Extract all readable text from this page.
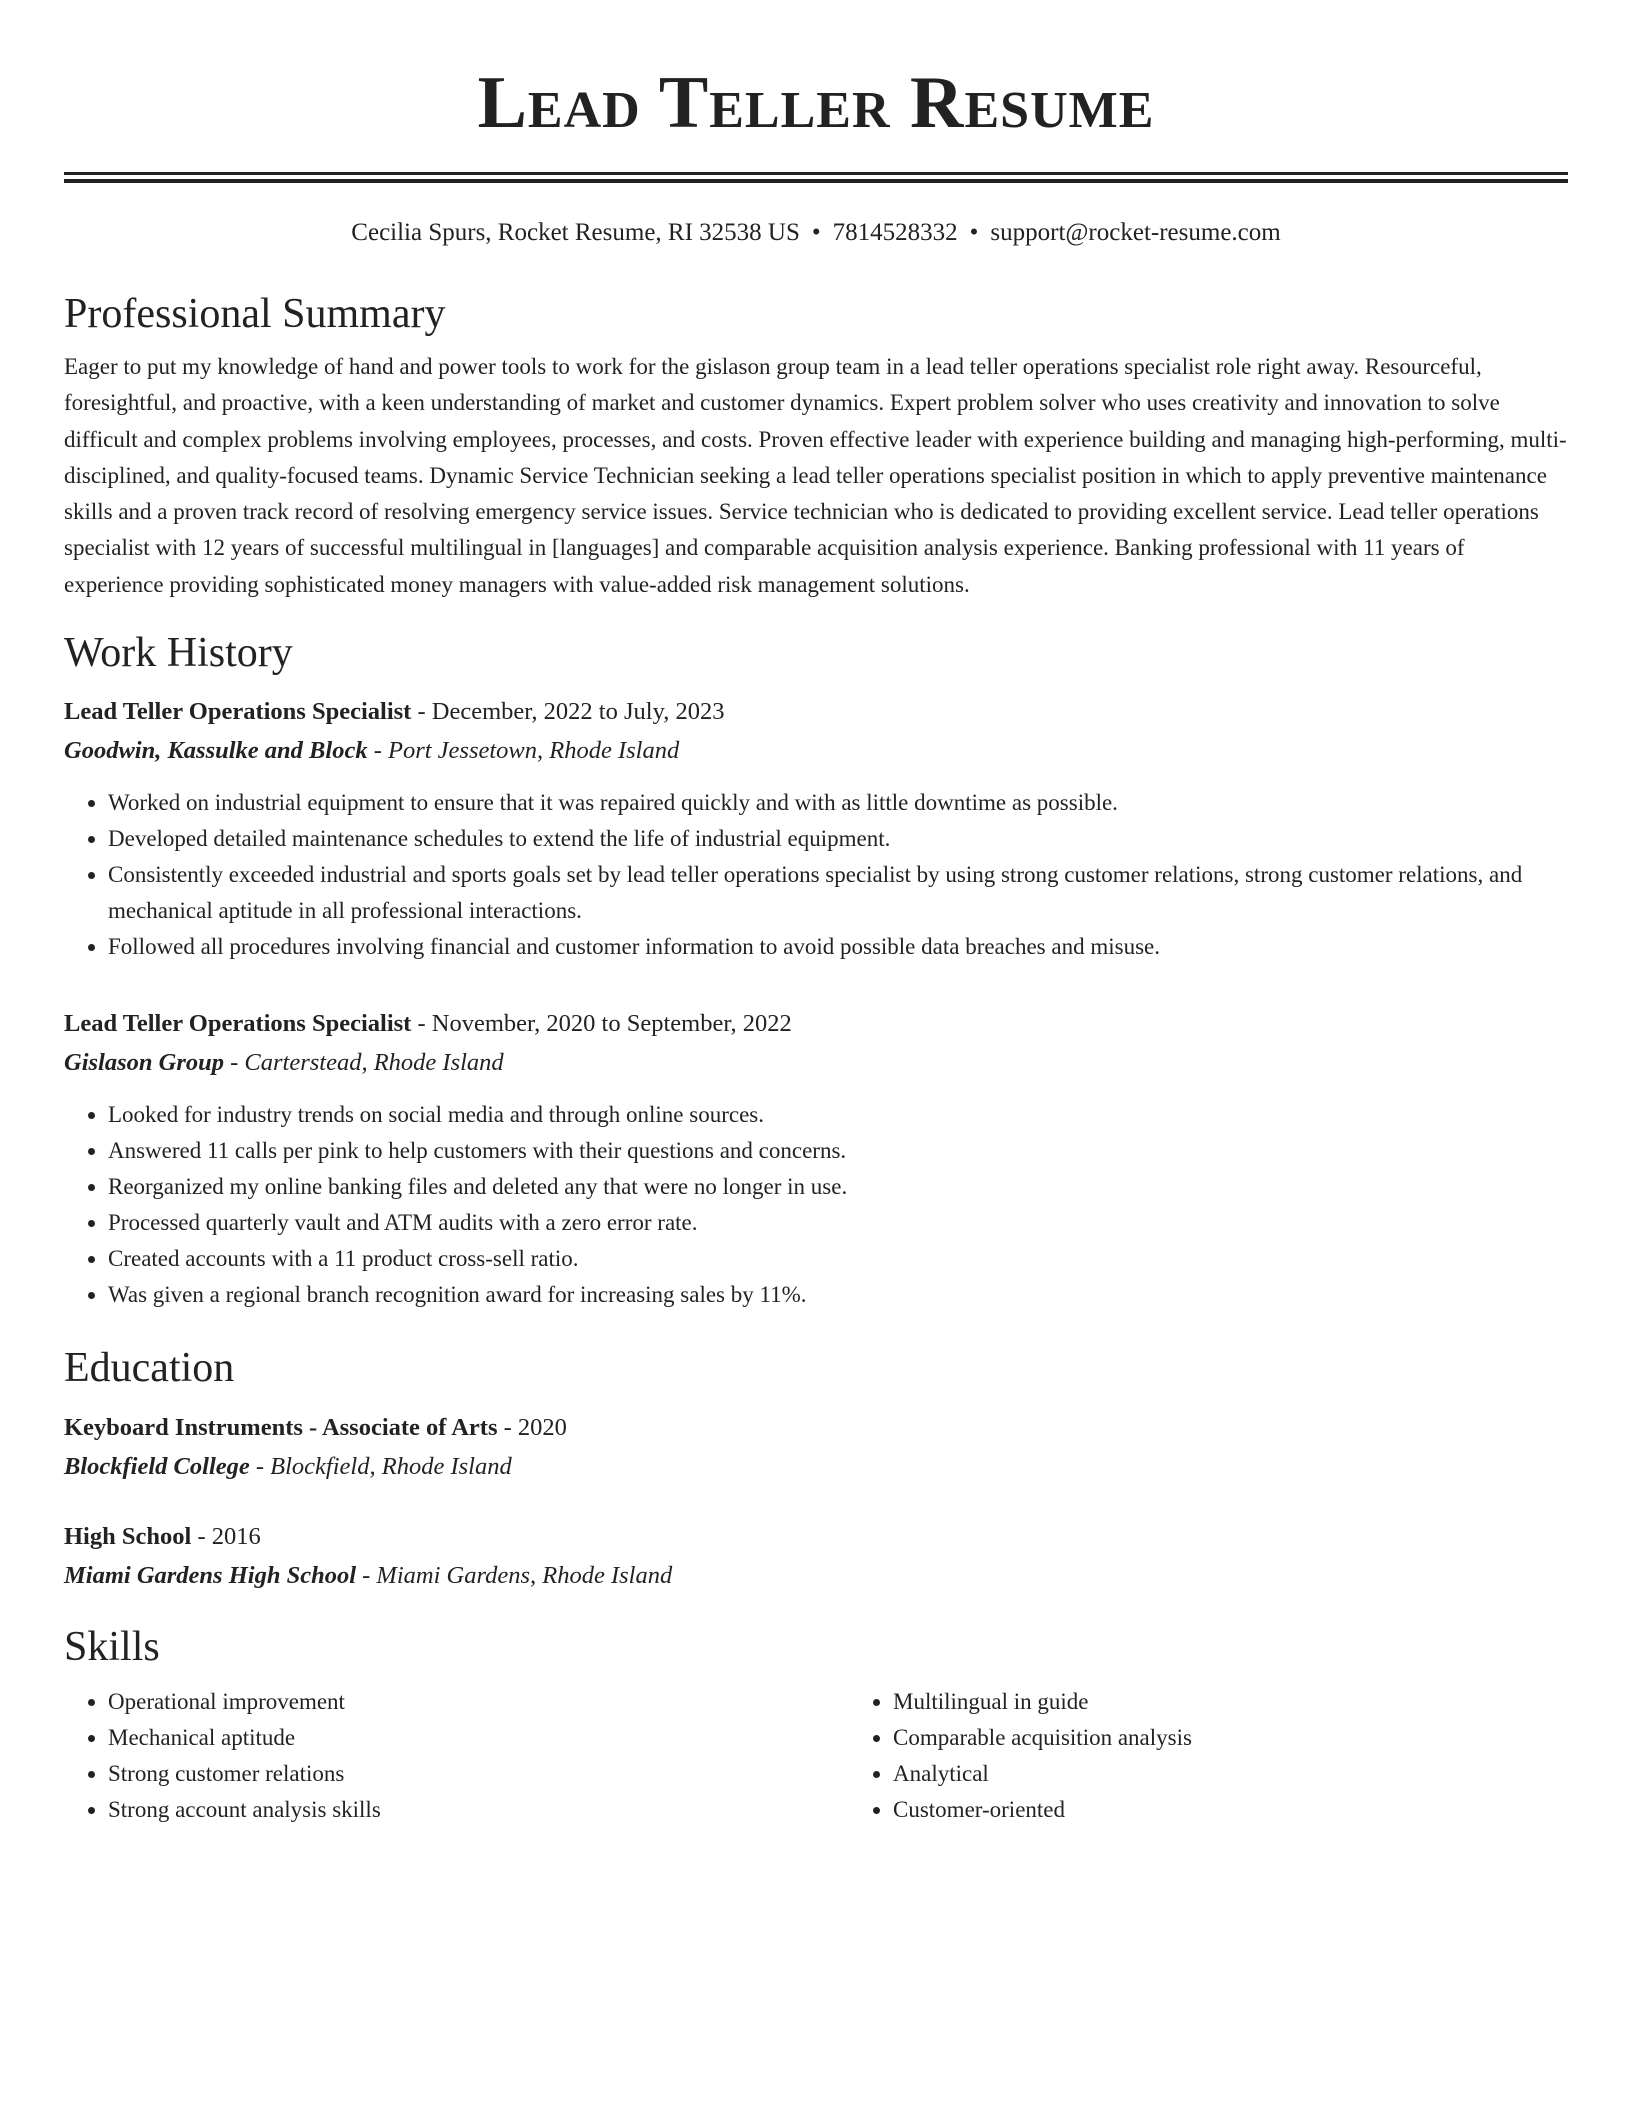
Lead Teller Resume
Cecilia Spurs, Rocket Resume, RI 32538 US • 7814528332 • support@rocket-resume.com
Professional Summary
Eager to put my knowledge of hand and power tools to work for the gislason group team in a lead teller operations specialist role right away. Resourceful, foresightful, and proactive, with a keen understanding of market and customer dynamics. Expert problem solver who uses creativity and innovation to solve difficult and complex problems involving employees, processes, and costs. Proven effective leader with experience building and managing high-performing, multi-disciplined, and quality-focused teams. Dynamic Service Technician seeking a lead teller operations specialist position in which to apply preventive maintenance skills and a proven track record of resolving emergency service issues. Service technician who is dedicated to providing excellent service. Lead teller operations specialist with 12 years of successful multilingual in [languages] and comparable acquisition analysis experience. Banking professional with 11 years of experience providing sophisticated money managers with value-added risk management solutions.
Work History
Lead Teller Operations Specialist - December, 2022 to July, 2023
Goodwin, Kassulke and Block - Port Jessetown, Rhode Island
• Worked on industrial equipment to ensure that it was repaired quickly and with as little downtime as possible.
• Developed detailed maintenance schedules to extend the life of industrial equipment.
• Consistently exceeded industrial and sports goals set by lead teller operations specialist by using strong customer relations, strong customer relations, and mechanical aptitude in all professional interactions.
• Followed all procedures involving financial and customer information to avoid possible data breaches and misuse.
Lead Teller Operations Specialist - November, 2020 to September, 2022
Gislason Group - Carterstead, Rhode Island
• Looked for industry trends on social media and through online sources.
• Answered 11 calls per pink to help customers with their questions and concerns.
• Reorganized my online banking files and deleted any that were no longer in use.
• Processed quarterly vault and ATM audits with a zero error rate.
• Created accounts with a 11 product cross-sell ratio.
• Was given a regional branch recognition award for increasing sales by 11%.
Education
Keyboard Instruments - Associate of Arts - 2020
Blockfield College - Blockfield, Rhode Island
High School - 2016
Miami Gardens High School - Miami Gardens, Rhode Island
Skills
• Operational improvement
• Mechanical aptitude
• Strong customer relations
• Strong account analysis skills
• Multilingual in guide
• Comparable acquisition analysis
• Analytical
• Customer-oriented
